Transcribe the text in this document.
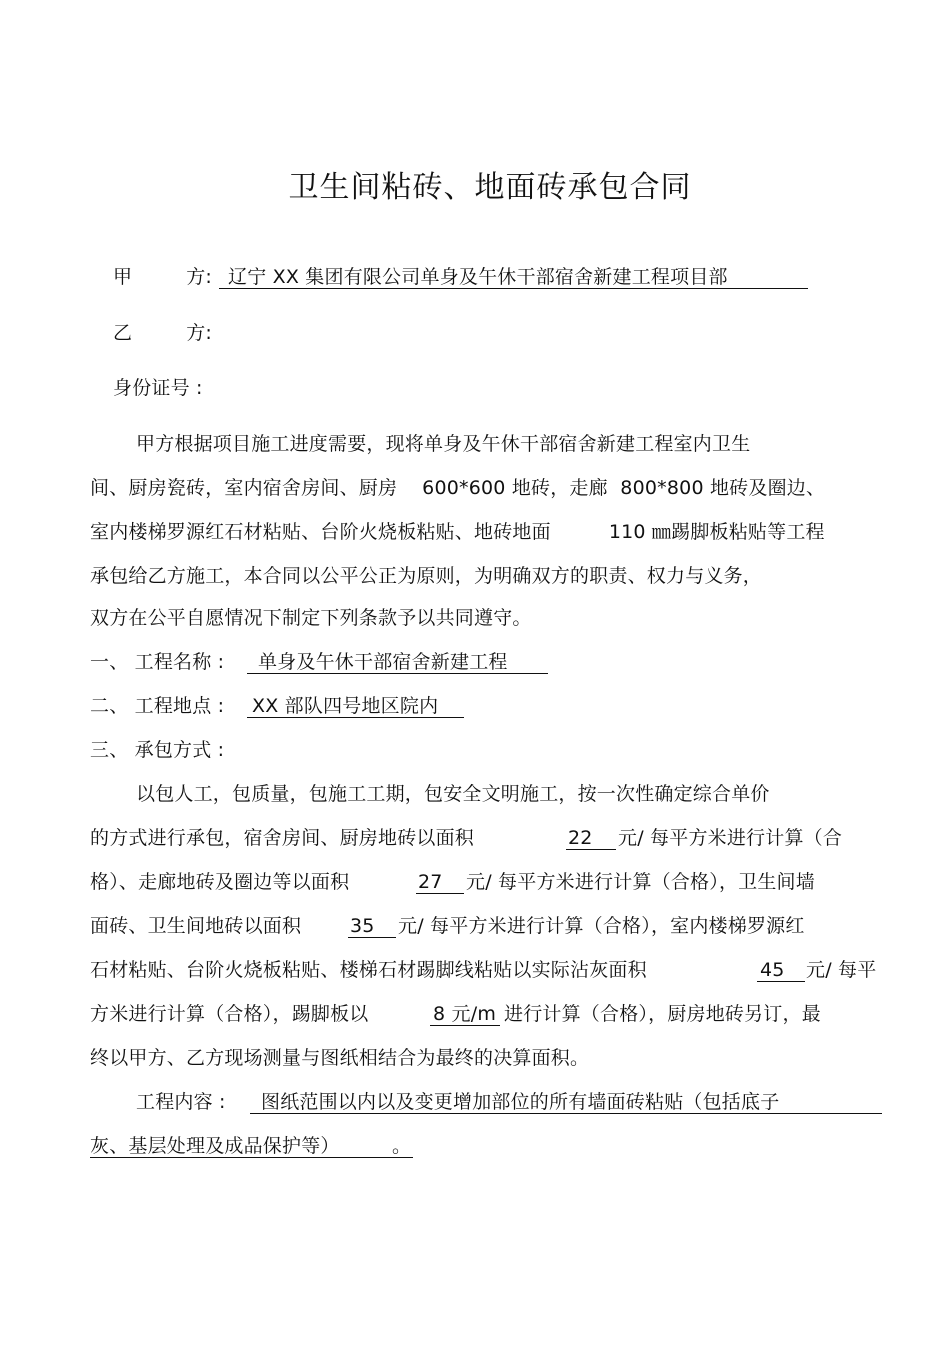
卫生间粘砖、地面砖承包合同
甲	方: 辽宁 XX 集团有限公司单身及午休干部宿舍新建工程项目部
乙	方:
身份证号 :
甲方根据项目施工进度需要，现将单身及午休干部宿舍新建工程室内卫生
间、厨房瓷砖，室内宿舍房间、厨房    600*600 地砖，走廊  800*800 地砖及圈边、
室内楼梯罗源红石材粘贴、台阶火烧板粘贴、地砖地面	110 ㎜踢脚板粘贴等工程
承包给乙方施工，本合同以公平公正为原则，为明确双方的职责、权力与义务，
双方在公平自愿情况下制定下列条款予以共同遵守。
一、 工程名称 : 单身及午休干部宿舍新建工程
二、 工程地点 : XX 部队四号地区院内
三、 承包方式 :
以包人工，包质量，包施工工期，包安全文明施工，按一次性确定综合单价
的方式进行承包，宿舍房间、厨房地砖以面积	22 元/ 每平方米进行计算（合
格）、走廊地砖及圈边等以面积	27 元/ 每平方米进行计算（合格），卫生间墙
面砖、卫生间地砖以面积	35 元/ 每平方米进行计算（合格），室内楼梯罗源红
石材粘贴、台阶火烧板粘贴、楼梯石材踢脚线粘贴以实际沾灰面积	45 元/ 每平
方米进行计算（合格），踢脚板以	8 元/m 进行计算（合格），厨房地砖另订，最
终以甲方、乙方现场测量与图纸相结合为最终的决算面积。
工程内容 : 图纸范围以内以及变更增加部位的所有墙面砖粘贴（包括底子
灰、基层处理及成品保护等）	。
